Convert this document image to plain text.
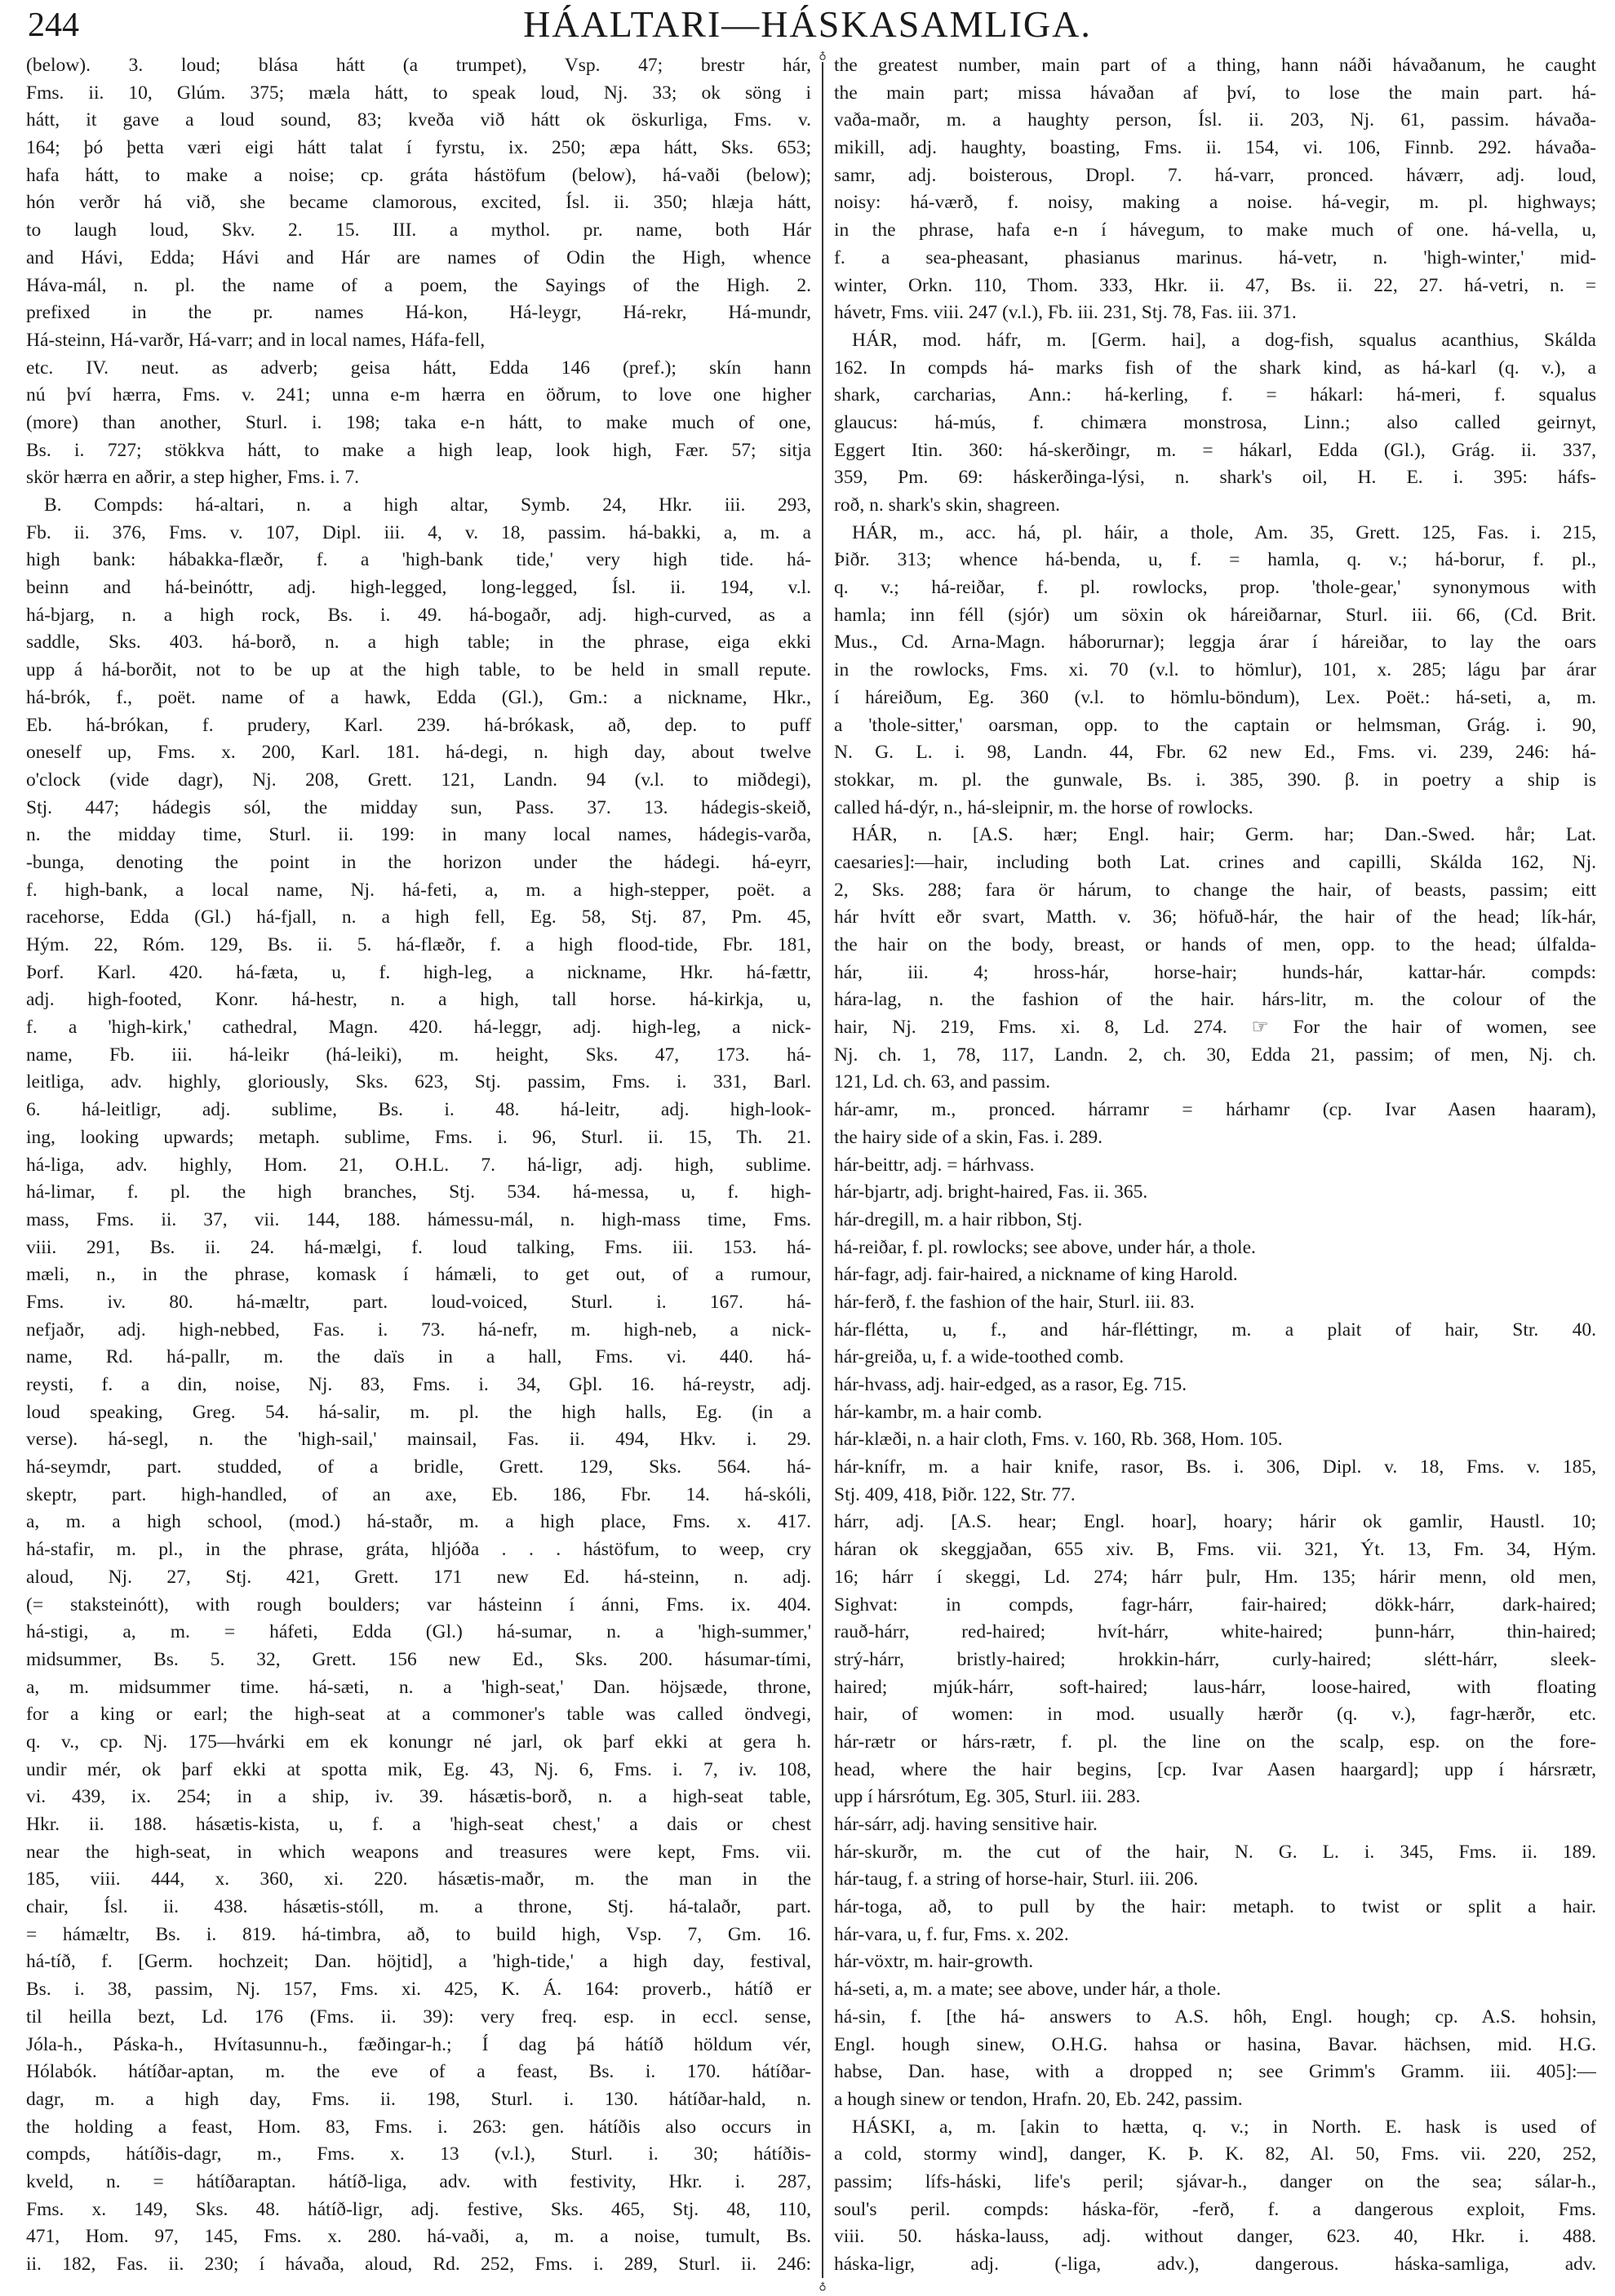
244	HÁALTARI—HÁSKASAMLIGA.
♁
♁
(below). 3. loud; blása hátt (a trumpet), Vsp. 47; brestr hár,
Fms. ii. 10, Glúm. 375; mæla hátt, to speak loud, Nj. 33; ok söng i
hátt, it gave a loud sound, 83; kveða við hátt ok öskurliga, Fms. v.
164; þó þetta væri eigi hátt talat í fyrstu, ix. 250; æpa hátt, Sks. 653;
hafa hátt, to make a noise; cp. gráta hástöfum (below), há-vaði (below);
hón verðr há við, she became clamorous, excited, Ísl. ii. 350; hlæja hátt,
to laugh loud, Skv. 2. 15. III. a mythol. pr. name, both Hár
and Hávi, Edda; Hávi and Hár are names of Odin the High, whence
Háva-mál, n. pl. the name of a poem, the Sayings of the High. 2.
prefixed in the pr. names Há-kon, Há-leygr, Há-rekr, Há-mundr,
Há-steinn, Há-varðr, Há-varr; and in local names, Háfa-fell,
etc. IV. neut. as adverb; geisa hátt, Edda 146 (pref.); skín hann
nú því hærra, Fms. v. 241; unna e-m hærra en öðrum, to love one higher
(more) than another, Sturl. i. 198; taka e-n hátt, to make much of one,
Bs. i. 727; stökkva hátt, to make a high leap, look high, Fær. 57; sitja
skör hærra en aðrir, a step higher, Fms. i. 7.
B. Compds: há-altari, n. a high altar, Symb. 24, Hkr. iii. 293,
Fb. ii. 376, Fms. v. 107, Dipl. iii. 4, v. 18, passim. há-bakki, a, m. a
high bank: hábakka-flæðr, f. a 'high-bank tide,' very high tide. há-
beinn and há-beinóttr, adj. high-legged, long-legged, Ísl. ii. 194, v.l.
há-bjarg, n. a high rock, Bs. i. 49. há-bogaðr, adj. high-curved, as a
saddle, Sks. 403. há-borð, n. a high table; in the phrase, eiga ekki
upp á há-borðit, not to be up at the high table, to be held in small repute.
há-brók, f., poët. name of a hawk, Edda (Gl.), Gm.: a nickname, Hkr.,
Eb. há-brókan, f. prudery, Karl. 239. há-brókask, að, dep. to puff
oneself up, Fms. x. 200, Karl. 181. há-degi, n. high day, about twelve
o'clock (vide dagr), Nj. 208, Grett. 121, Landn. 94 (v.l. to miðdegi),
Stj. 447; hádegis sól, the midday sun, Pass. 37. 13. hádegis-skeið,
n. the midday time, Sturl. ii. 199: in many local names, hádegis-varða,
-bunga, denoting the point in the horizon under the hádegi. há-eyrr,
f. high-bank, a local name, Nj. há-feti, a, m. a high-stepper, poët. a
racehorse, Edda (Gl.) há-fjall, n. a high fell, Eg. 58, Stj. 87, Pm. 45,
Hým. 22, Róm. 129, Bs. ii. 5. há-flæðr, f. a high flood-tide, Fbr. 181,
Þorf. Karl. 420. há-fæta, u, f. high-leg, a nickname, Hkr. há-fættr,
adj. high-footed, Konr. há-hestr, n. a high, tall horse. há-kirkja, u,
f. a 'high-kirk,' cathedral, Magn. 420. há-leggr, adj. high-leg, a nick-
name, Fb. iii. há-leikr (há-leiki), m. height, Sks. 47, 173. há-
leitliga, adv. highly, gloriously, Sks. 623, Stj. passim, Fms. i. 331, Barl.
6. há-leitligr, adj. sublime, Bs. i. 48. há-leitr, adj. high-look-
ing, looking upwards; metaph. sublime, Fms. i. 96, Sturl. ii. 15, Th. 21.
há-liga, adv. highly, Hom. 21, O.H.L. 7. há-ligr, adj. high, sublime.
há-limar, f. pl. the high branches, Stj. 534. há-messa, u, f. high-
mass, Fms. ii. 37, vii. 144, 188. hámessu-mál, n. high-mass time, Fms.
viii. 291, Bs. ii. 24. há-mælgi, f. loud talking, Fms. iii. 153. há-
mæli, n., in the phrase, komask í hámæli, to get out, of a rumour,
Fms. iv. 80. há-mæltr, part. loud-voiced, Sturl. i. 167. há-
nefjaðr, adj. high-nebbed, Fas. i. 73. há-nefr, m. high-neb, a nick-
name, Rd. há-pallr, m. the daïs in a hall, Fms. vi. 440. há-
reysti, f. a din, noise, Nj. 83, Fms. i. 34, Gþl. 16. há-reystr, adj.
loud speaking, Greg. 54. há-salir, m. pl. the high halls, Eg. (in a
verse). há-segl, n. the 'high-sail,' mainsail, Fas. ii. 494, Hkv. i. 29.
há-seymdr, part. studded, of a bridle, Grett. 129, Sks. 564. há-
skeptr, part. high-handled, of an axe, Eb. 186, Fbr. 14. há-skóli,
a, m. a high school, (mod.) há-staðr, m. a high place, Fms. x. 417.
há-stafir, m. pl., in the phrase, gráta, hljóða . . . hástöfum, to weep, cry
aloud, Nj. 27, Stj. 421, Grett. 171 new Ed. há-steinn, n. adj.
(= staksteinótt), with rough boulders; var hásteinn í ánni, Fms. ix. 404.
há-stigi, a, m. = háfeti, Edda (Gl.) há-sumar, n. a 'high-summer,'
midsummer, Bs. 5. 32, Grett. 156 new Ed., Sks. 200. hásumar-tími,
a, m. midsummer time. há-sæti, n. a 'high-seat,' Dan. höjsæde, throne,
for a king or earl; the high-seat at a commoner's table was called öndvegi,
q. v., cp. Nj. 175—hvárki em ek konungr né jarl, ok þarf ekki at gera h.
undir mér, ok þarf ekki at spotta mik, Eg. 43, Nj. 6, Fms. i. 7, iv. 108,
vi. 439, ix. 254; in a ship, iv. 39. hásætis-borð, n. a high-seat table,
Hkr. ii. 188. hásætis-kista, u, f. a 'high-seat chest,' a dais or chest
near the high-seat, in which weapons and treasures were kept, Fms. vii.
185, viii. 444, x. 360, xi. 220. hásætis-maðr, m. the man in the
chair, Ísl. ii. 438. hásætis-stóll, m. a throne, Stj. há-talaðr, part.
= hámæltr, Bs. i. 819. há-timbra, að, to build high, Vsp. 7, Gm. 16.
há-tíð, f. [Germ. hochzeit; Dan. höjtid], a 'high-tide,' a high day, festival,
Bs. i. 38, passim, Nj. 157, Fms. xi. 425, K. Á. 164: proverb., hátíð er
til heilla bezt, Ld. 176 (Fms. ii. 39): very freq. esp. in eccl. sense,
Jóla-h., Páska-h., Hvítasunnu-h., fæðingar-h.; Í dag þá hátíð höldum vér,
Hólabók. hátíðar-aptan, m. the eve of a feast, Bs. i. 170. hátíðar-
dagr, m. a high day, Fms. ii. 198, Sturl. i. 130. hátíðar-hald, n.
the holding a feast, Hom. 83, Fms. i. 263: gen. hátíðis also occurs in
compds, hátíðis-dagr, m., Fms. x. 13 (v.l.), Sturl. i. 30; hátíðis-
kveld, n. = hátíðaraptan. hátíð-liga, adv. with festivity, Hkr. i. 287,
Fms. x. 149, Sks. 48. hátíð-ligr, adj. festive, Sks. 465, Stj. 48, 110,
471, Hom. 97, 145, Fms. x. 280. há-vaði, a, m. a noise, tumult, Bs.
ii. 182, Fas. ii. 230; í hávaða, aloud, Rd. 252, Fms. i. 289, Sturl. ii. 246:
the greatest number, main part of a thing, hann náði hávaðanum, he caught
the main part; missa hávaðan af því, to lose the main part. há-
vaða-maðr, m. a haughty person, Ísl. ii. 203, Nj. 61, passim. hávaða-
mikill, adj. haughty, boasting, Fms. ii. 154, vi. 106, Finnb. 292. hávaða-
samr, adj. boisterous, Dropl. 7. há-varr, pronced. háværr, adj. loud,
noisy: há-værð, f. noisy, making a noise. há-vegir, m. pl. highways;
in the phrase, hafa e-n í hávegum, to make much of one. há-vella, u,
f. a sea-pheasant, phasianus marinus. há-vetr, n. 'high-winter,' mid-
winter, Orkn. 110, Thom. 333, Hkr. ii. 47, Bs. ii. 22, 27. há-vetri, n. =
hávetr, Fms. viii. 247 (v.l.), Fb. iii. 231, Stj. 78, Fas. iii. 371.
HÁR, mod. háfr, m. [Germ. hai], a dog-fish, squalus acanthius, Skálda
162. In compds há- marks fish of the shark kind, as há-karl (q. v.), a
shark, carcharias, Ann.: há-kerling, f. = hákarl: há-meri, f. squalus
glaucus: há-mús, f. chimæra monstrosa, Linn.; also called geirnyt,
Eggert Itin. 360: há-skerðingr, m. = hákarl, Edda (Gl.), Grág. ii. 337,
359, Pm. 69: háskerðinga-lýsi, n. shark's oil, H. E. i. 395: háfs-
roð, n. shark's skin, shagreen.
HÁR, m., acc. há, pl. háir, a thole, Am. 35, Grett. 125, Fas. i. 215,
Þiðr. 313; whence há-benda, u, f. = hamla, q. v.; há-borur, f. pl.,
q. v.; há-reiðar, f. pl. rowlocks, prop. 'thole-gear,' synonymous with
hamla; inn féll (sjór) um söxin ok háreiðarnar, Sturl. iii. 66, (Cd. Brit.
Mus., Cd. Arna-Magn. háborurnar); leggja árar í háreiðar, to lay the oars
in the rowlocks, Fms. xi. 70 (v.l. to hömlur), 101, x. 285; lágu þar árar
í háreiðum, Eg. 360 (v.l. to hömlu-böndum), Lex. Poët.: há-seti, a, m.
a 'thole-sitter,' oarsman, opp. to the captain or helmsman, Grág. i. 90,
N. G. L. i. 98, Landn. 44, Fbr. 62 new Ed., Fms. vi. 239, 246: há-
stokkar, m. pl. the gunwale, Bs. i. 385, 390. β. in poetry a ship is
called há-dýr, n., há-sleipnir, m. the horse of rowlocks.
HÁR, n. [A.S. hær; Engl. hair; Germ. har; Dan.-Swed. hår; Lat.
caesaries]:—hair, including both Lat. crines and capilli, Skálda 162, Nj.
2, Sks. 288; fara ör hárum, to change the hair, of beasts, passim; eitt
hár hvítt eðr svart, Matth. v. 36; höfuð-hár, the hair of the head; lík-hár,
the hair on the body, breast, or hands of men, opp. to the head; úlfalda-
hár, iii. 4; hross-hár, horse-hair; hunds-hár, kattar-hár. compds:
hára-lag, n. the fashion of the hair. hárs-litr, m. the colour of the
hair, Nj. 219, Fms. xi. 8, Ld. 274. ☞ For the hair of women, see
Nj. ch. 1, 78, 117, Landn. 2, ch. 30, Edda 21, passim; of men, Nj. ch.
121, Ld. ch. 63, and passim.
hár-amr, m., pronced. hárramr = hárhamr (cp. Ivar Aasen haaram),
the hairy side of a skin, Fas. i. 289.
hár-beittr, adj. = hárhvass.
hár-bjartr, adj. bright-haired, Fas. ii. 365.
hár-dregill, m. a hair ribbon, Stj.
há-reiðar, f. pl. rowlocks; see above, under hár, a thole.
hár-fagr, adj. fair-haired, a nickname of king Harold.
hár-ferð, f. the fashion of the hair, Sturl. iii. 83.
hár-flétta, u, f., and hár-fléttingr, m. a plait of hair, Str. 40.
hár-greiða, u, f. a wide-toothed comb.
hár-hvass, adj. hair-edged, as a rasor, Eg. 715.
hár-kambr, m. a hair comb.
hár-klæði, n. a hair cloth, Fms. v. 160, Rb. 368, Hom. 105.
hár-knífr, m. a hair knife, rasor, Bs. i. 306, Dipl. v. 18, Fms. v. 185,
Stj. 409, 418, Þiðr. 122, Str. 77.
hárr, adj. [A.S. hear; Engl. hoar], hoary; hárir ok gamlir, Haustl. 10;
háran ok skeggjaðan, 655 xiv. B, Fms. vii. 321, Ýt. 13, Fm. 34, Hým.
16; hárr í skeggi, Ld. 274; hárr þulr, Hm. 135; hárir menn, old men,
Sighvat: in compds, fagr-hárr, fair-haired; dökk-hárr, dark-haired;
rauð-hárr, red-haired; hvít-hárr, white-haired; þunn-hárr, thin-haired;
strý-hárr, bristly-haired; hrokkin-hárr, curly-haired; slétt-hárr, sleek-
haired; mjúk-hárr, soft-haired; laus-hárr, loose-haired, with floating
hair, of women: in mod. usually hærðr (q. v.), fagr-hærðr, etc.
hár-rætr or hárs-rætr, f. pl. the line on the scalp, esp. on the fore-
head, where the hair begins, [cp. Ivar Aasen haargard]; upp í hársrætr,
upp í hársrótum, Eg. 305, Sturl. iii. 283.
hár-sárr, adj. having sensitive hair.
hár-skurðr, m. the cut of the hair, N. G. L. i. 345, Fms. ii. 189.
hár-taug, f. a string of horse-hair, Sturl. iii. 206.
hár-toga, að, to pull by the hair: metaph. to twist or split a hair.
hár-vara, u, f. fur, Fms. x. 202.
hár-vöxtr, m. hair-growth.
há-seti, a, m. a mate; see above, under hár, a thole.
há-sin, f. [the há- answers to A.S. hôh, Engl. hough; cp. A.S. hohsin,
Engl. hough sinew, O.H.G. hahsa or hasina, Bavar. hächsen, mid. H.G.
habse, Dan. hase, with a dropped n; see Grimm's Gramm. iii. 405]:—
a hough sinew or tendon, Hrafn. 20, Eb. 242, passim.
HÁSKI, a, m. [akin to hætta, q. v.; in North. E. hask is used of
a cold, stormy wind], danger, K. Þ. K. 82, Al. 50, Fms. vii. 220, 252,
passim; lífs-háski, life's peril; sjávar-h., danger on the sea; sálar-h.,
soul's peril. compds: háska-för, -ferð, f. a dangerous exploit, Fms.
viii. 50. háska-lauss, adj. without danger, 623. 40, Hkr. i. 488.
háska-ligr, adj. (-liga, adv.), dangerous. háska-samliga, adv.
